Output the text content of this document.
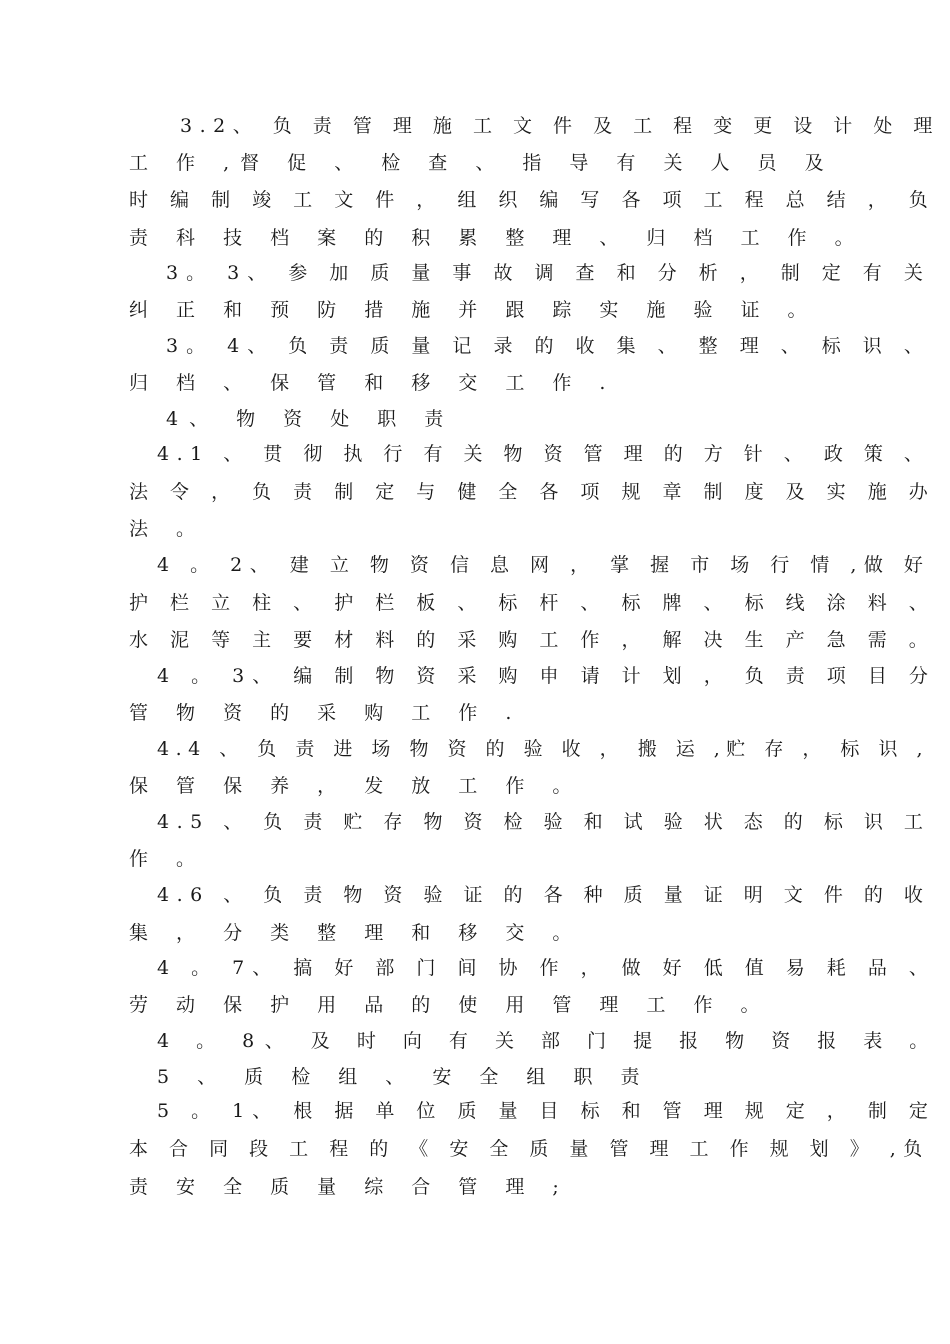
3.2、 负 责 管 理 施 工 文 件 及 工 程 变 更 设 计 处 理
工 作 ,督 促 、 检 查 、 指 导 有 关 人 员 及
时 编 制 竣 工 文 件 ， 组 织 编 写 各 项 工 程 总 结 ， 负
责 科 技 档 案 的 积 累 整 理 、 归 档 工 作 。
3。 3、 参 加 质 量 事 故 调 查 和 分 析 ， 制 定 有 关
纠 正 和 预 防 措 施 并 跟 踪 实 施 验 证 。
3。 4、 负 责 质 量 记 录 的 收 集 、 整 理 、 标 识 、
归 档 、 保 管 和 移 交 工 作 .
4、 物 资 处 职 责
4.1 、 贯 彻 执 行 有 关 物 资 管 理 的 方 针 、 政 策 、
法 令 ， 负 责 制 定 与 健 全 各 项 规 章 制 度 及 实 施 办
法 。
4 。 2、 建 立 物 资 信 息 网 ， 掌 握 市 场 行 情 ,做 好
护 栏 立 柱 、 护 栏 板 、 标 杆 、 标 牌 、 标 线 涂 料 、
水 泥 等 主 要 材 料 的 采 购 工 作 ， 解 决 生 产 急 需 。
4 。 3、 编 制 物 资 采 购 申 请 计 划 ， 负 责 项 目 分
管 物 资 的 采 购 工 作 .
4.4 、 负 责 进 场 物 资 的 验 收 ， 搬 运 ,贮 存 ， 标 识 ,
保 管 保 养 ， 发 放 工 作 。
4.5 、 负 责 贮 存 物 资 检 验 和 试 验 状 态 的 标 识 工
作 。
4.6 、 负 责 物 资 验 证 的 各 种 质 量 证 明 文 件 的 收
集 ， 分 类 整 理 和 移 交 。
4 。 7、 搞 好 部 门 间 协 作 ， 做 好 低 值 易 耗 品 、
劳 动 保 护 用 品 的 使 用 管 理 工 作 。
4 。 8、 及 时 向 有 关 部 门 提 报 物 资 报 表 。
5 、 质 检 组 、 安 全 组 职 责
5 。 1、 根 据 单 位 质 量 目 标 和 管 理 规 定 ， 制 定
本 合 同 段 工 程 的 《 安 全 质 量 管 理 工 作 规 划 》 ,负
责 安 全 质 量 综 合 管 理 ;
